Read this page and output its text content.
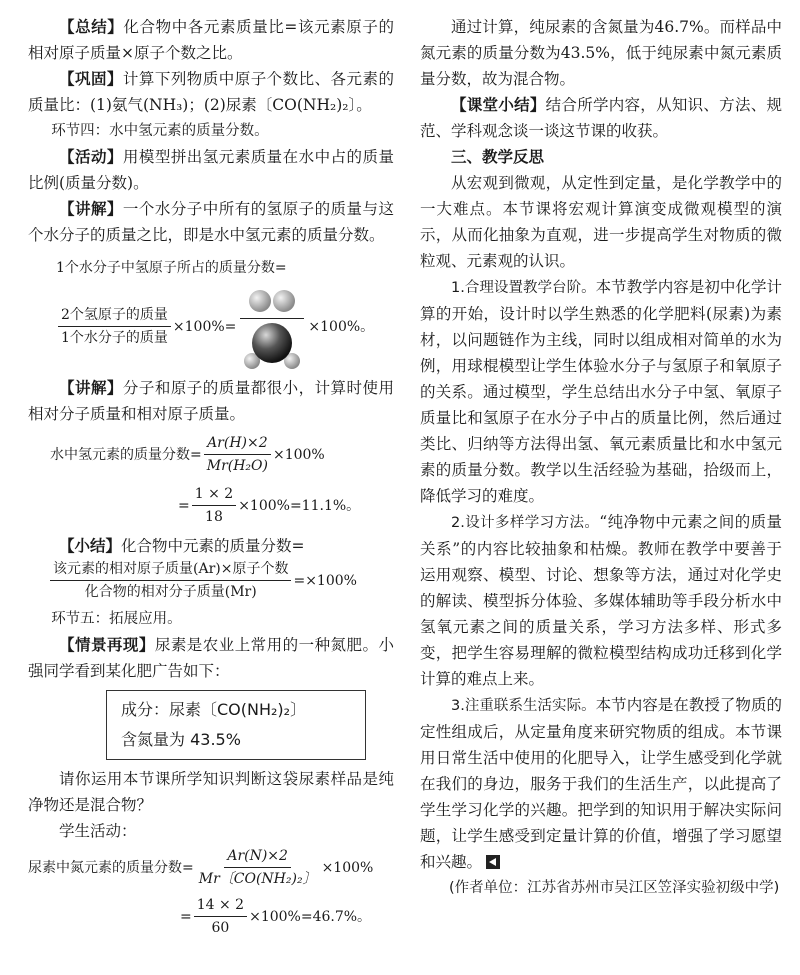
【总结】化合物中各元素质量比=该元素原子的相对原子质量×原子个数之比。

【巩固】计算下列物质中原子个数比、各元素的质量比：(1)氨气(NH₃)；(2)尿素〔CO(NH₂)₂〕。

环节四：水中氢元素的质量分数。

【活动】用模型拼出氢元素质量在水中占的质量比例(质量分数)。

【讲解】一个水分子中所有的氢原子的质量与这个水分子的质量之比，即是水中氢元素的质量分数。

1个水分子中氢原子所占的质量分数=
$\frac{\text{2个氢原子的质量}}{\text{1个水分子的质量}} \times 100\%=$	×100%。

【讲解】分子和原子的质量都很小，计算时使用相对分子质量和相对原子质量。

水中氢元素的质量分数= $\frac{Ar(H)\times 2}{\text{Mr(H₂O)}} \times 100\%$
= $\frac{1 \times 2}{18} \times 100\%=11.1\%$。

【小结】化合物中元素的质量分数=

$\frac{\text{该元素的相对原子质量(Ar)×原子个数}}{\text{化合物的相对分子质量(Mr)}} =\times 100\%$

环节五：拓展应用。

【情景再现】尿素是农业上常用的一种氮肥。小强同学看到某化肥广告如下：

成分：尿素〔CO(NH₂)₂〕
含氮量为 43.5%

请你运用本节课所学知识判断这袋尿素样品是纯净物还是混合物？

学生活动：

尿素中氮元素的质量分数= $\frac{Ar(N)\times 2}{\text{Mr〔CO(NH₂)₂〕}} \times 100\%$
= $\frac{14 \times 2}{60} \times 100\%=46.7\%$。

通过计算，纯尿素的含氮量为46.7%。而样品中氮元素的质量分数为43.5%，低于纯尿素中氮元素质量分数，故为混合物。

【课堂小结】结合所学内容，从知识、方法、规范、学科观念谈一谈这节课的收获。

三、教学反思

从宏观到微观，从定性到定量，是化学教学中的一大难点。本节课将宏观计算演变成微观模型的演示，从而化抽象为直观，进一步提高学生对物质的微粒观、元素观的认识。

1.合理设置教学台阶。本节教学内容是初中化学计算的开始，设计时以学生熟悉的化学肥料(尿素)为素材，以问题链作为主线，同时以组成相对简单的水为例，用球棍模型让学生体验水分子与氢原子和氧原子的关系。通过模型，学生总结出水分子中氢、氧原子质量比和氢原子在水分子中占的质量比例，然后通过类比、归纳等方法得出氢、氧元素质量比和水中氢元素的质量分数。教学以生活经验为基础，拾级而上，降低学习的难度。

2.设计多样学习方法。“纯净物中元素之间的质量关系”的内容比较抽象和枯燥。教师在教学中要善于运用观察、模型、讨论、想象等方法，通过对化学史的解读、模型拆分体验、多媒体辅助等手段分析水中氢氧元素之间的质量关系，学习方法多样、形式多变，把学生容易理解的微粒模型结构成功迁移到化学计算的难点上来。

3.注重联系生活实际。本节内容是在教授了物质的定性组成后，从定量角度来研究物质的组成。本节课用日常生活中使用的化肥导入，让学生感受到化学就在我们的身边，服务于我们的生活生产，以此提高了学生学习化学的兴趣。把学到的知识用于解决实际问题，让学生感受到定量计算的价值，增强了学习愿望和兴趣。

(作者单位：江苏省苏州市吴江区笠泽实验初级中学)
